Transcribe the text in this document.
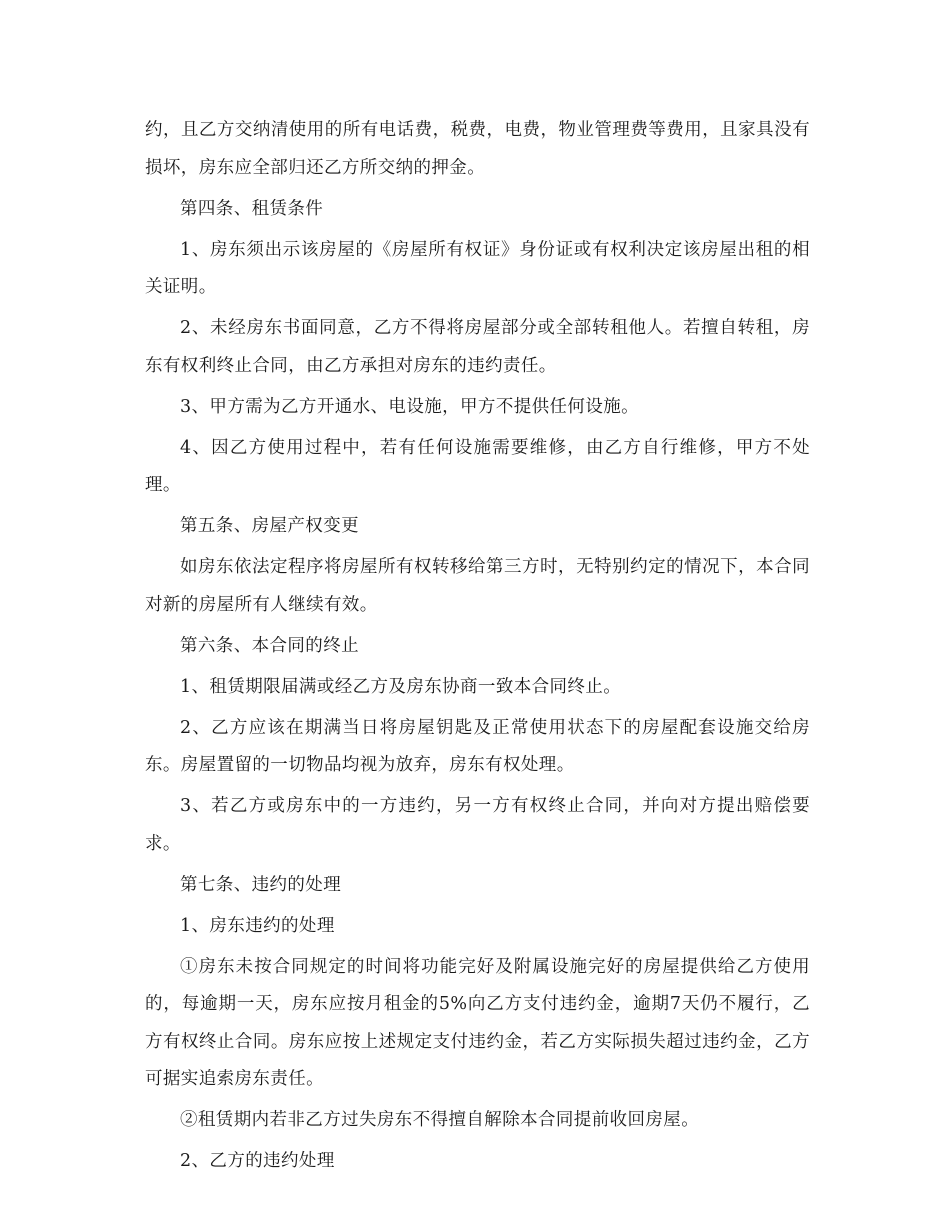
约，且乙方交纳清使用的所有电话费，税费，电费，物业管理费等费用，且家具没有损坏，房东应全部归还乙方所交纳的押金。

第四条、租赁条件

1、房东须出示该房屋的《房屋所有权证》身份证或有权利决定该房屋出租的相关证明。

2、未经房东书面同意，乙方不得将房屋部分或全部转租他人。若擅自转租，房东有权利终止合同，由乙方承担对房东的违约责任。

3、甲方需为乙方开通水、电设施，甲方不提供任何设施。

4、因乙方使用过程中，若有任何设施需要维修，由乙方自行维修，甲方不处理。

第五条、房屋产权变更

如房东依法定程序将房屋所有权转移给第三方时，无特别约定的情况下，本合同对新的房屋所有人继续有效。

第六条、本合同的终止

1、租赁期限届满或经乙方及房东协商一致本合同终止。

2、乙方应该在期满当日将房屋钥匙及正常使用状态下的房屋配套设施交给房东。房屋置留的一切物品均视为放弃，房东有权处理。

3、若乙方或房东中的一方违约，另一方有权终止合同，并向对方提出赔偿要求。

第七条、违约的处理

1、房东违约的处理

①房东未按合同规定的时间将功能完好及附属设施完好的房屋提供给乙方使用的，每逾期一天，房东应按月租金的5%向乙方支付违约金，逾期7天仍不履行，乙方有权终止合同。房东应按上述规定支付违约金，若乙方实际损失超过违约金，乙方可据实追索房东责任。

②租赁期内若非乙方过失房东不得擅自解除本合同提前收回房屋。

2、乙方的违约处理
